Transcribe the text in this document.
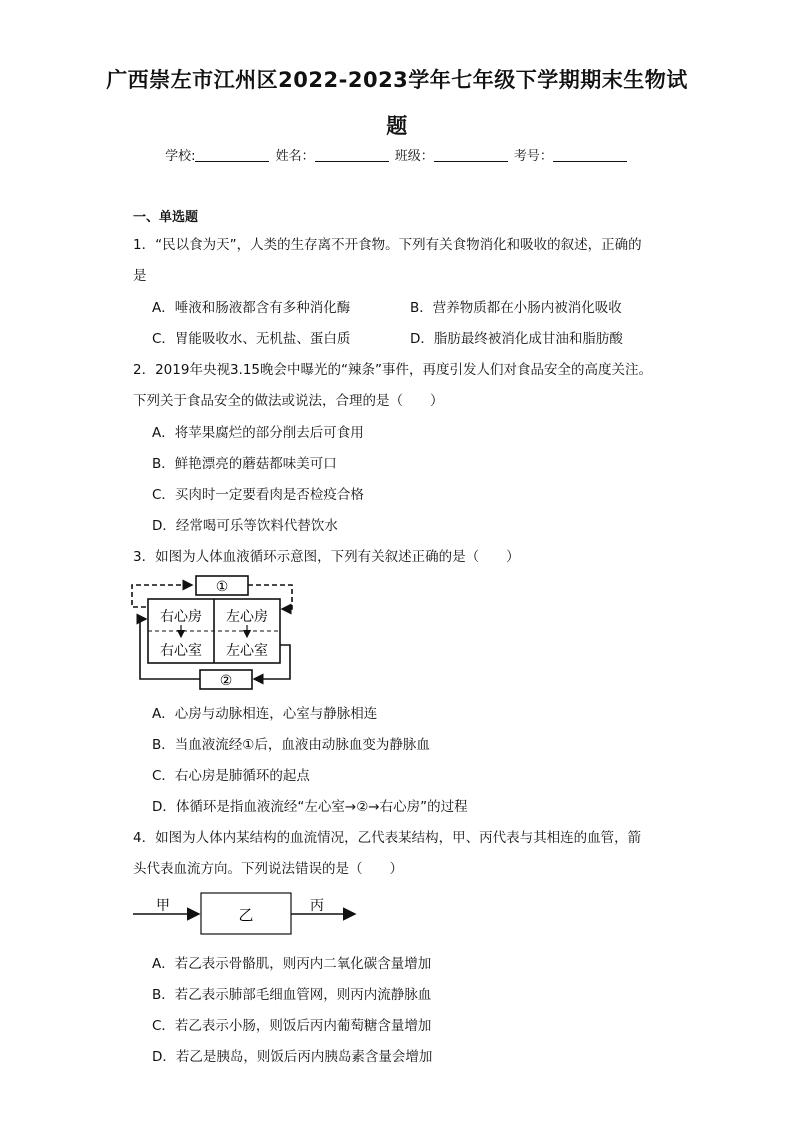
广西崇左市江州区2022-2023学年七年级下学期期末生物试
题
学校:	姓名：	班级：	考号：
一、单选题
1．“民以食为天”，人类的生存离不开食物。下列有关食物消化和吸收的叙述，正确的
是
A．唾液和肠液都含有多种消化酶	B．营养物质都在小肠内被消化吸收
C．胃能吸收水、无机盐、蛋白质	D．脂肪最终被消化成甘油和脂肪酸
2．2019年央视3.15晚会中曝光的“辣条”事件，再度引发人们对食品安全的高度关注。
下列关于食品安全的做法或说法，合理的是（　　）
A．将苹果腐烂的部分削去后可食用
B．鲜艳漂亮的蘑菇都味美可口
C．买肉时一定要看肉是否检疫合格
D．经常喝可乐等饮料代替饮水
3．如图为人体血液循环示意图，下列有关叙述正确的是（　　）
①
右心房 左心房
右心室 左心室
②
A．心房与动脉相连，心室与静脉相连
B．当血液流经①后，血液由动脉血变为静脉血
C．右心房是肺循环的起点
D．体循环是指血液流经“左心室→②→右心房”的过程
4．如图为人体内某结构的血流情况，乙代表某结构，甲、丙代表与其相连的血管，箭
头代表血流方向。下列说法错误的是（　　）
甲	乙	丙
A．若乙表示骨骼肌，则丙内二氧化碳含量增加
B．若乙表示肺部毛细血管网，则丙内流静脉血
C．若乙表示小肠，则饭后丙内葡萄糖含量增加
D．若乙是胰岛，则饭后丙内胰岛素含量会增加
